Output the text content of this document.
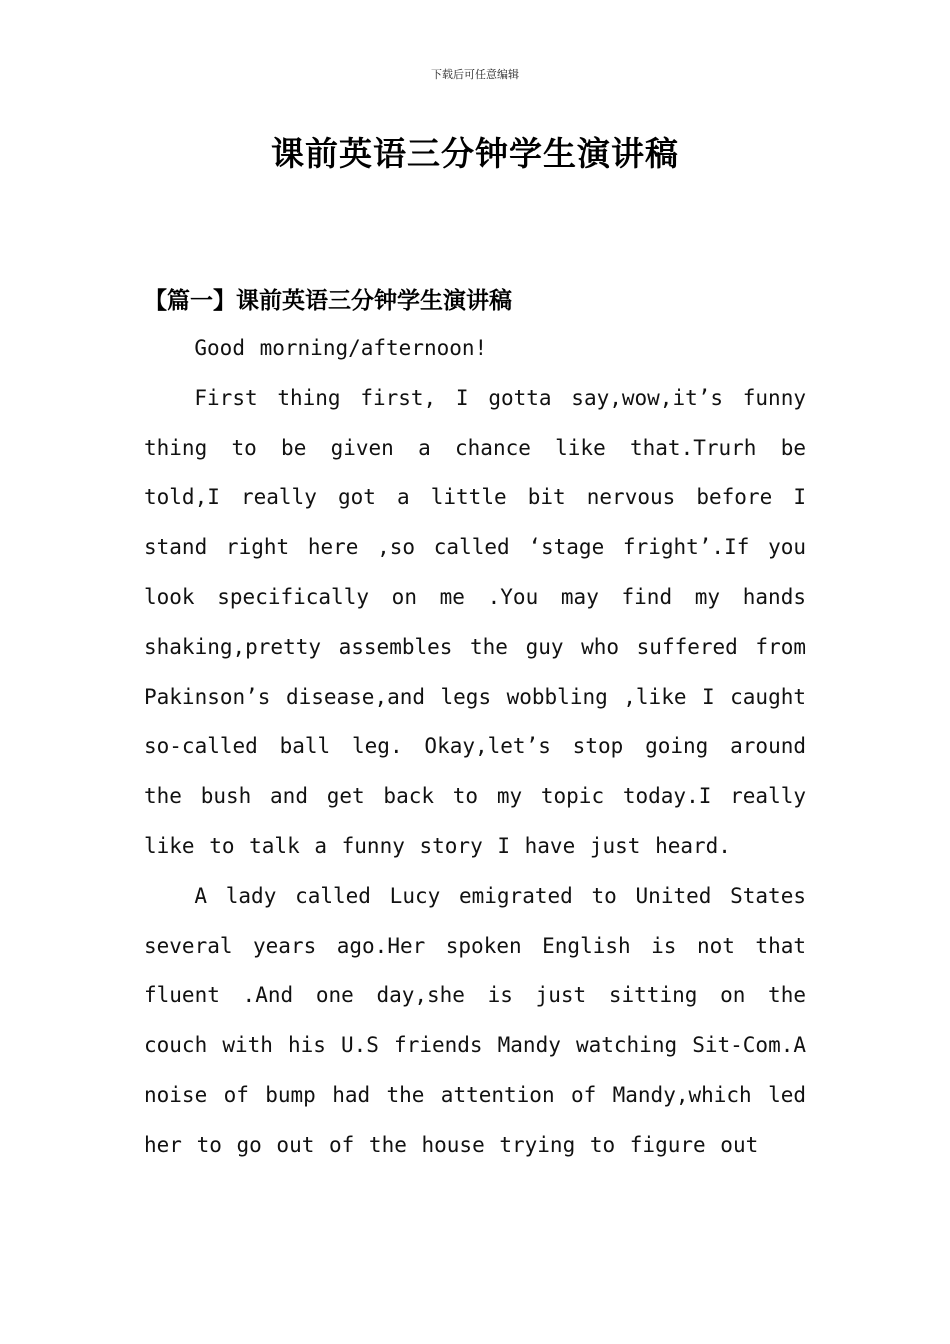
下载后可任意编辑
课前英语三分钟学生演讲稿
【篇一】课前英语三分钟学生演讲稿

Good morning/afternoon!

First thing first, I gotta say,wow,it’s funny thing to be given a chance like that.Trurh be told,I really got a little bit nervous before I stand right here ,so called ‘stage fright’.If you look specifically on me .You may find my hands shaking,pretty assembles the guy who suffered from Pakinson’s disease,and legs wobbling ,like I caught so-called ball leg. Okay,let’s stop going around the bush and get back to my topic today.I really like to talk a funny story I have just heard.

A lady called Lucy emigrated to United States several years ago.Her spoken English is not that fluent .And one day,she is just sitting on the couch with his U.S friends Mandy watching Sit-Com.A noise of bump had the attention of Mandy,which led her to go out of the house trying to figure out
